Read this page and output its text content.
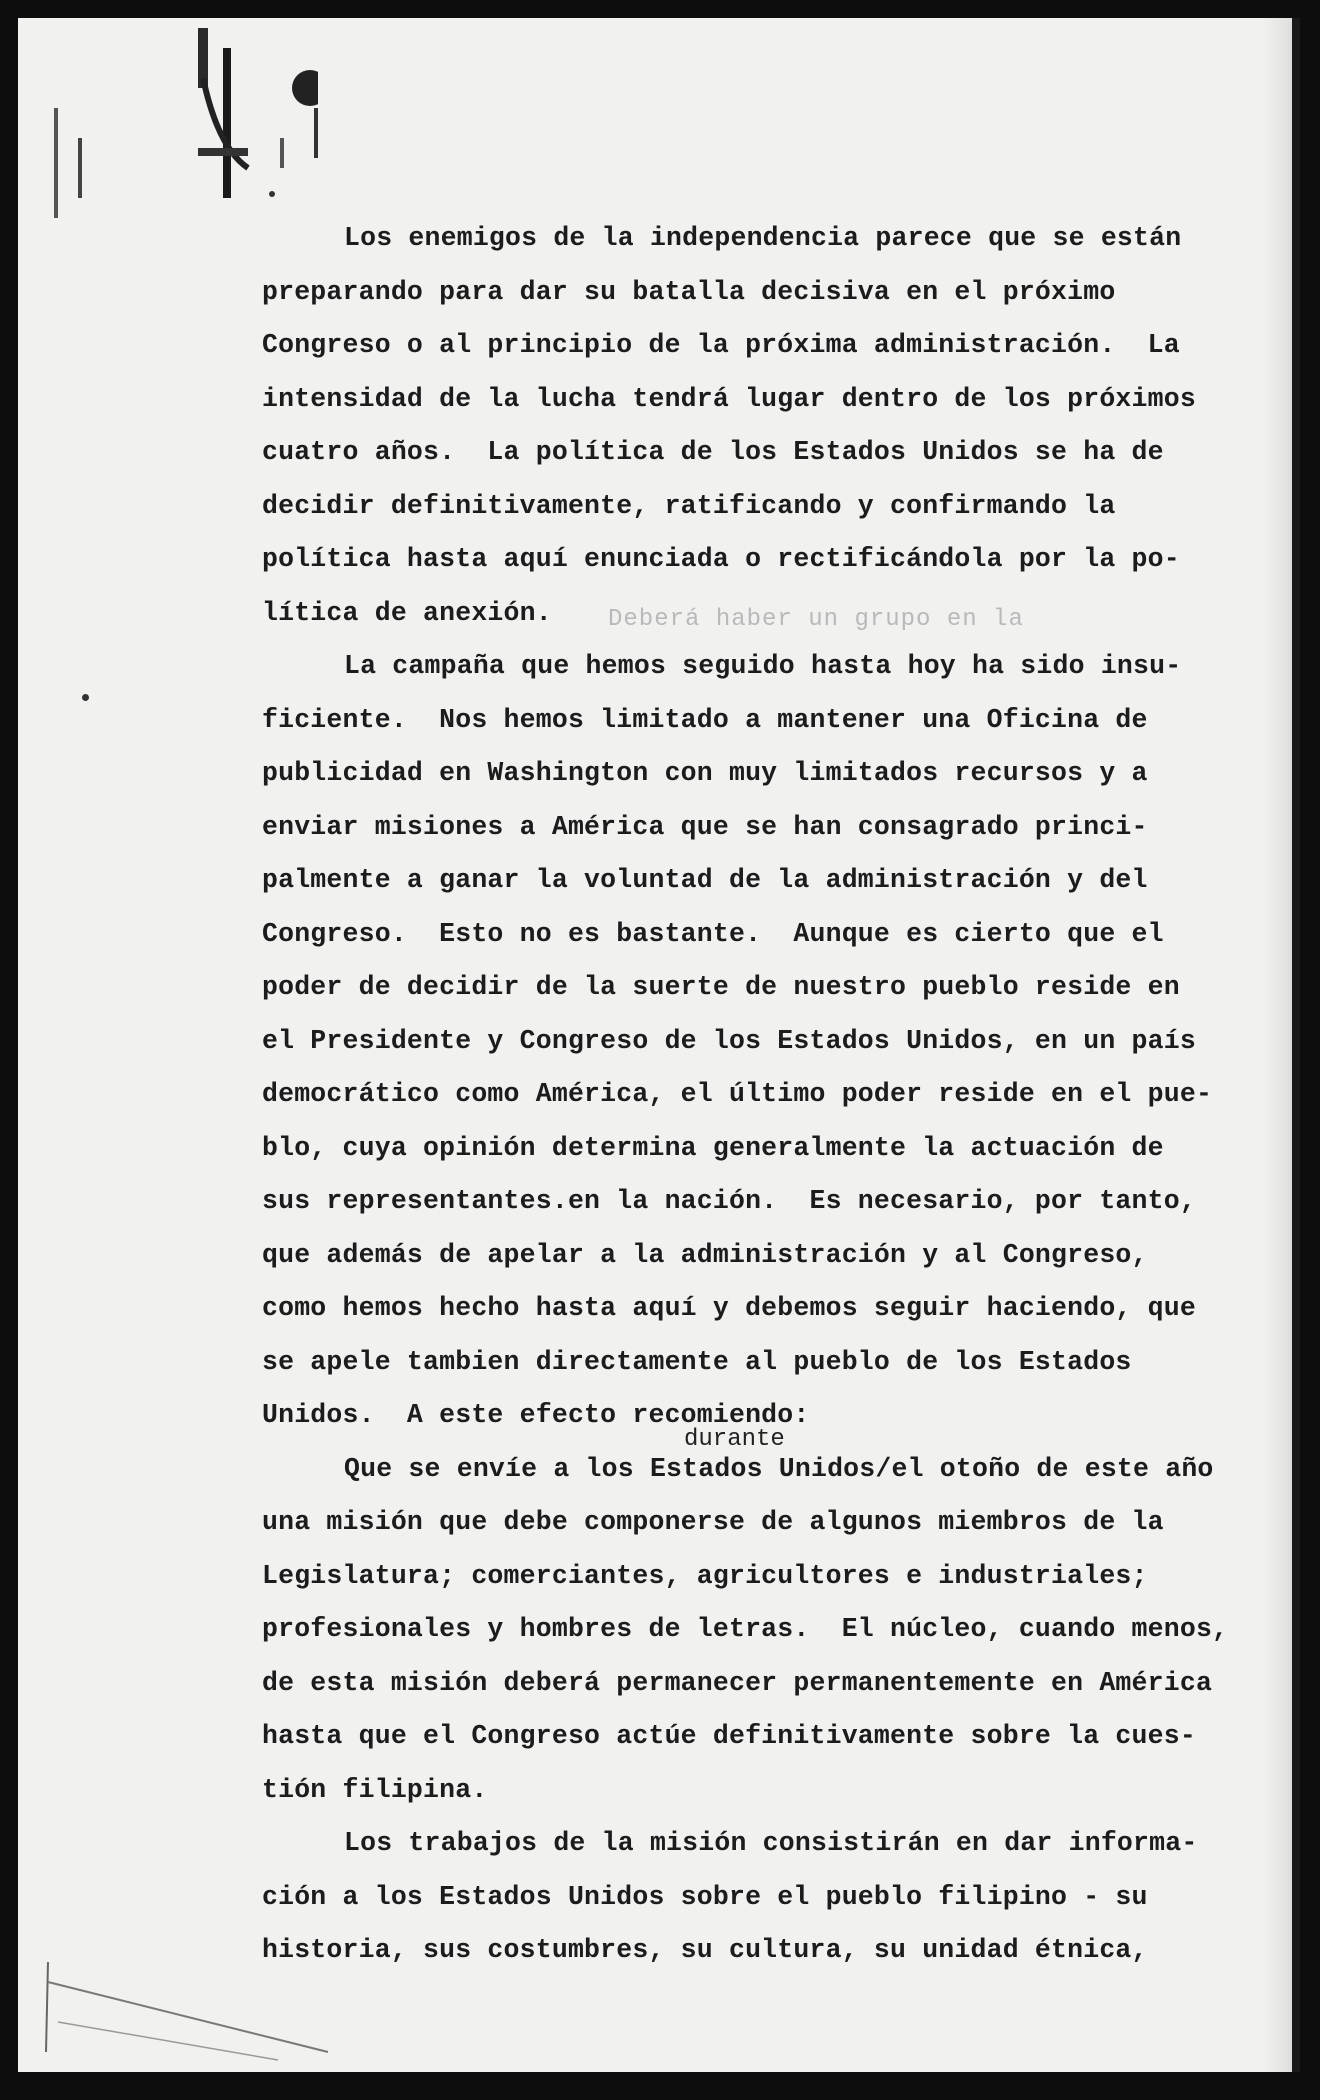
Deberá haber un grupo en la
Los enemigos de la independencia parece que se están
preparando para dar su batalla decisiva en el próximo
Congreso o al principio de la próxima administración.  La
intensidad de la lucha tendrá lugar dentro de los próximos
cuatro años.  La política de los Estados Unidos se ha de
decidir definitivamente, ratificando y confirmando la
política hasta aquí enunciada o rectificándola por la po-
lítica de anexión.
La campaña que hemos seguido hasta hoy ha sido insu-
ficiente.  Nos hemos limitado a mantener una Oficina de
publicidad en Washington con muy limitados recursos y a
enviar misiones a América que se han consagrado princi-
palmente a ganar la voluntad de la administración y del
Congreso.  Esto no es bastante.  Aunque es cierto que el
poder de decidir de la suerte de nuestro pueblo reside en
el Presidente y Congreso de los Estados Unidos, en un país
democrático como América, el último poder reside en el pue-
blo, cuya opinión determina generalmente la actuación de
sus representantes.en la nación.  Es necesario, por tanto,
que además de apelar a la administración y al Congreso,
como hemos hecho hasta aquí y debemos seguir haciendo, que
se apele tambien directamente al pueblo de los Estados
Unidos.  A este efecto recomiendo:
Que se envíe a los Estados Unidos/el otoño de este año
una misión que debe componerse de algunos miembros de la
Legislatura; comerciantes, agricultores e industriales;
profesionales y hombres de letras.  El núcleo, cuando menos,
de esta misión deberá permanecer permanentemente en América
hasta que el Congreso actúe definitivamente sobre la cues-
tión filipina.
Los trabajos de la misión consistirán en dar informa-
ción a los Estados Unidos sobre el pueblo filipino - su
historia, sus costumbres, su cultura, su unidad étnica,
durante
